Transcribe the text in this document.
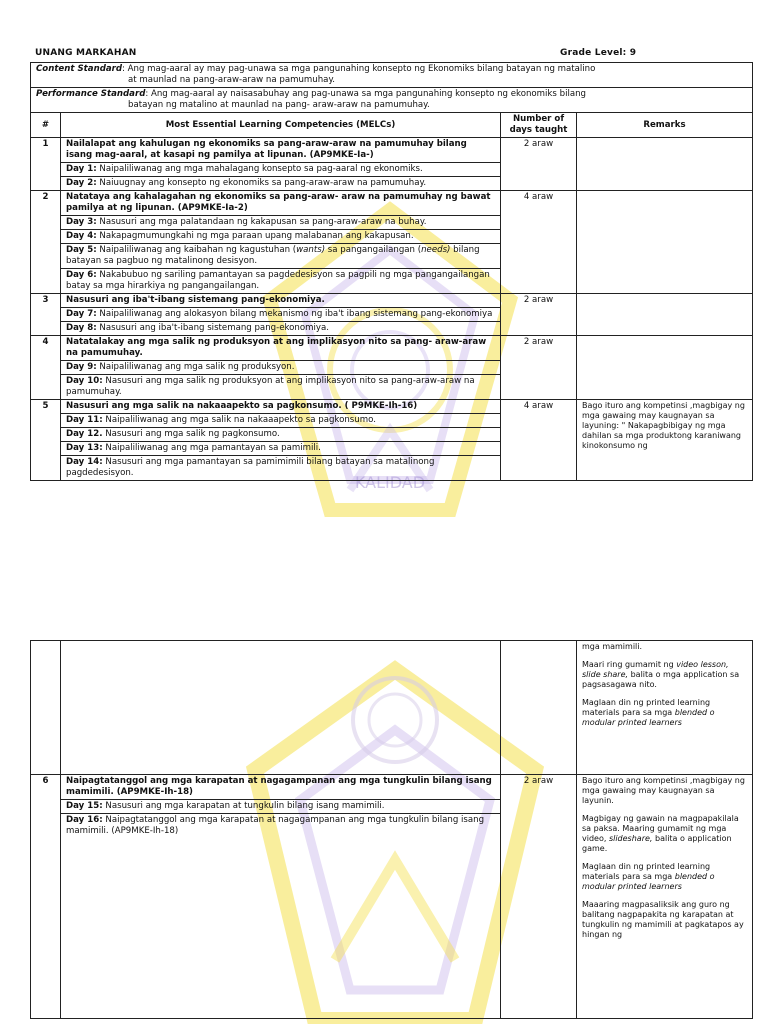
KALIDAD
UNANG MARKAHAN	Grade Level: 9
Content Standard: Ang mag-aaral ay may pag-unawa sa mga pangunahing konsepto ng Ekonomiks bilang batayan ng matalino
at maunlad na pang-araw-araw na pamumuhay.			

Performance Standard: Ang mag-aaral ay naisasabuhay ang pag-unawa sa mga pangunahing konsepto ng ekonomiks bilang
batayan ng matalino at maunlad na pang- araw-araw na pamumuhay.			

#	Most Essential Learning Competencies (MELCs)	Number of days taught	Remarks
1	Nailalapat ang kahulugan ng ekonomiks sa pang-araw-araw na pamumuhay bilang isang mag-aaral, at kasapi ng pamilya at lipunan. (AP9MKE-Ia-)	2 araw	
	Day 1: Naipaliliwanag ang mga mahalagang konsepto sa pag-aaral ng ekonomiks.		
	Day 2: Naiuugnay ang konsepto ng ekonomiks sa pang-araw-araw na pamumuhay.		
2	Natataya ang kahalagahan ng ekonomiks sa pang-araw- araw na pamumuhay ng bawat pamilya at ng lipunan. (AP9MKE-Ia-2)	4 araw	
	Day 3: Nasusuri ang mga palatandaan ng kakapusan sa pang-araw-araw na buhay.		
	Day 4: Nakapagmumungkahi ng mga paraan upang malabanan ang kakapusan.		
	Day 5: Naipaliliwanag ang kaibahan ng kagustuhan (wants) sa pangangailangan (needs) bilang batayan sa pagbuo ng matalinong desisyon.		
	Day 6: Nakabubuo ng sariling pamantayan sa pagdedesisyon sa pagpili ng mga pangangailangan batay sa mga hirarkiya ng pangangailangan.		
3	Nasusuri ang iba't-ibang sistemang pang-ekonomiya.	2 araw	
	Day 7: Naipaliliwanag ang alokasyon bilang mekanismo ng iba't ibang sistemang pang-ekonomiya		
	Day 8: Nasusuri ang iba't-ibang sistemang pang-ekonomiya.		
4	Natatalakay ang mga salik ng produksyon at ang implikasyon nito sa pang- araw-araw na pamumuhay.	2 araw	
	Day 9: Naipaliliwanag ang mga salik ng produksyon.		
	Day 10: Nasusuri ang mga salik ng produksyon at ang implikasyon nito sa pang-araw-araw na pamumuhay.		
5	Nasusuri ang mga salik na nakaaapekto sa pagkonsumo. ( P9MKE-Ih-16)	4 araw	Bago ituro ang kompetinsi ,magbigay ng mga gawaing may kaugnayan sa layuning: " Nakapagbibigay ng mga dahilan sa mga produktong karaniwang kinokonsumo ng
	Day 11: Naipaliliwanag ang mga salik na nakaaapekto sa pagkonsumo.		
	Day 12. Nasusuri ang mga salik ng pagkonsumo.		
	Day 13: Naipaliliwanag ang mga pamantayan sa pamimili.		
	Day 14: Nasusuri ang mga pamantayan sa pamimimili bilang batayan sa matalinong pagdedesisyon.		

			mga mamimili.
Maari ring gumamit ng video lesson, slide share, balita o mga application sa pagsasagawa nito.
Maglaan din ng printed learning materials para sa mga blended o modular printed learners

6	Naipagtatanggol ang mga karapatan at nagagampanan ang mga tungkulin bilang isang mamimili. (AP9MKE-Ih-18)	2 araw	Bago ituro ang kompetinsi ,magbigay ng mga gawaing may kaugnayan sa layunin.
Magbigay ng gawain na magpapakilala sa paksa. Maaring gumamit ng mga video, slideshare, balita o application game.
Maglaan din ng printed learning materials para sa mga blended o modular printed learners
Maaaring magpasaliksik ang guro ng balitang nagpapakita ng karapatan at tungkulin ng mamimili at pagkatapos ay hingan ng

	Day 15: Nasusuri ang mga karapatan at tungkulin bilang isang mamimili.		
	Day 16: Naipagtatanggol ang mga karapatan at nagagampanan ang mga tungkulin bilang isang mamimili. (AP9MKE-Ih-18)		
